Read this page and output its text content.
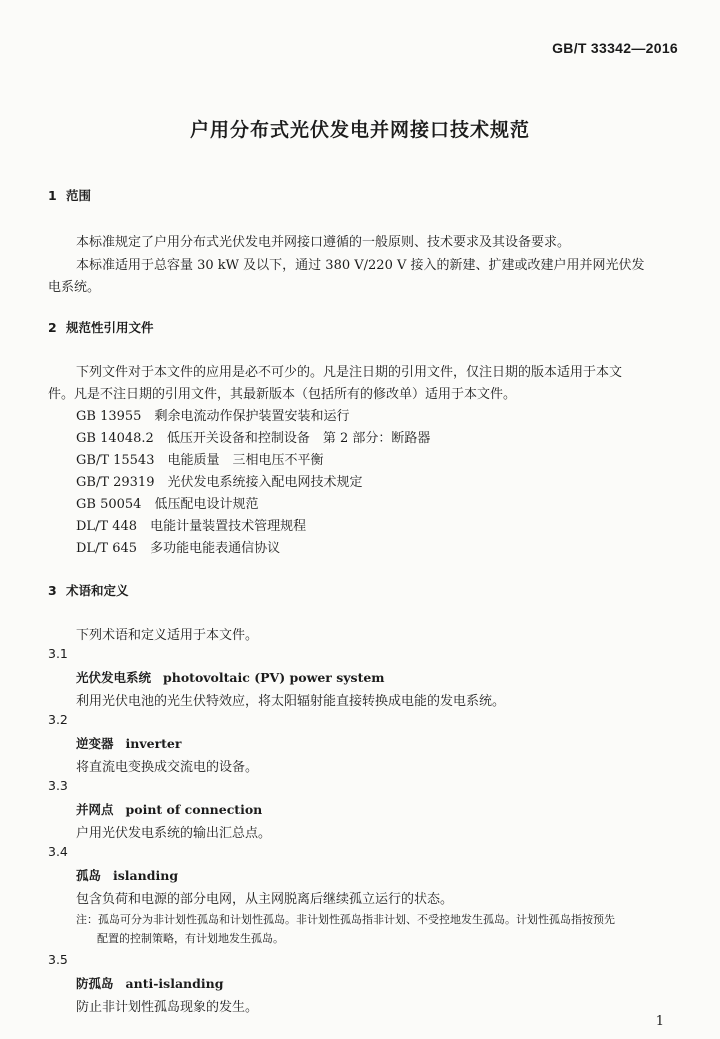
GB/T 33342—2016
户用分布式光伏发电并网接口技术规范
1 范围
本标准规定了户用分布式光伏发电并网接口遵循的一般原则、技术要求及其设备要求。
本标准适用于总容量 30 kW 及以下，通过 380 V/220 V 接入的新建、扩建或改建户用并网光伏发
电系统。
2 规范性引用文件
下列文件对于本文件的应用是必不可少的。凡是注日期的引用文件，仅注日期的版本适用于本文
件。凡是不注日期的引用文件，其最新版本（包括所有的修改单）适用于本文件。
GB 13955　 剩余电流动作保护装置安装和运行
GB 14048.2　 低压开关设备和控制设备　第 2 部分：断路器
GB/T 15543　 电能质量　三相电压不平衡
GB/T 29319　 光伏发电系统接入配电网技术规定
GB 50054　 低压配电设计规范
DL/T 448　 电能计量装置技术管理规程
DL/T 645　 多功能电能表通信协议
3 术语和定义
下列术语和定义适用于本文件。
3.1
光伏发电系统 photovoltaic (PV) power system
利用光伏电池的光生伏特效应，将太阳辐射能直接转换成电能的发电系统。
3.2
逆变器 inverter
将直流电变换成交流电的设备。
3.3
并网点 point of connection
户用光伏发电系统的输出汇总点。
3.4
孤岛 islanding
包含负荷和电源的部分电网，从主网脱离后继续孤立运行的状态。
注：孤岛可分为非计划性孤岛和计划性孤岛。非计划性孤岛指非计划、不受控地发生孤岛。计划性孤岛指按预先
配置的控制策略，有计划地发生孤岛。
3.5
防孤岛 anti-islanding
防止非计划性孤岛现象的发生。
1
